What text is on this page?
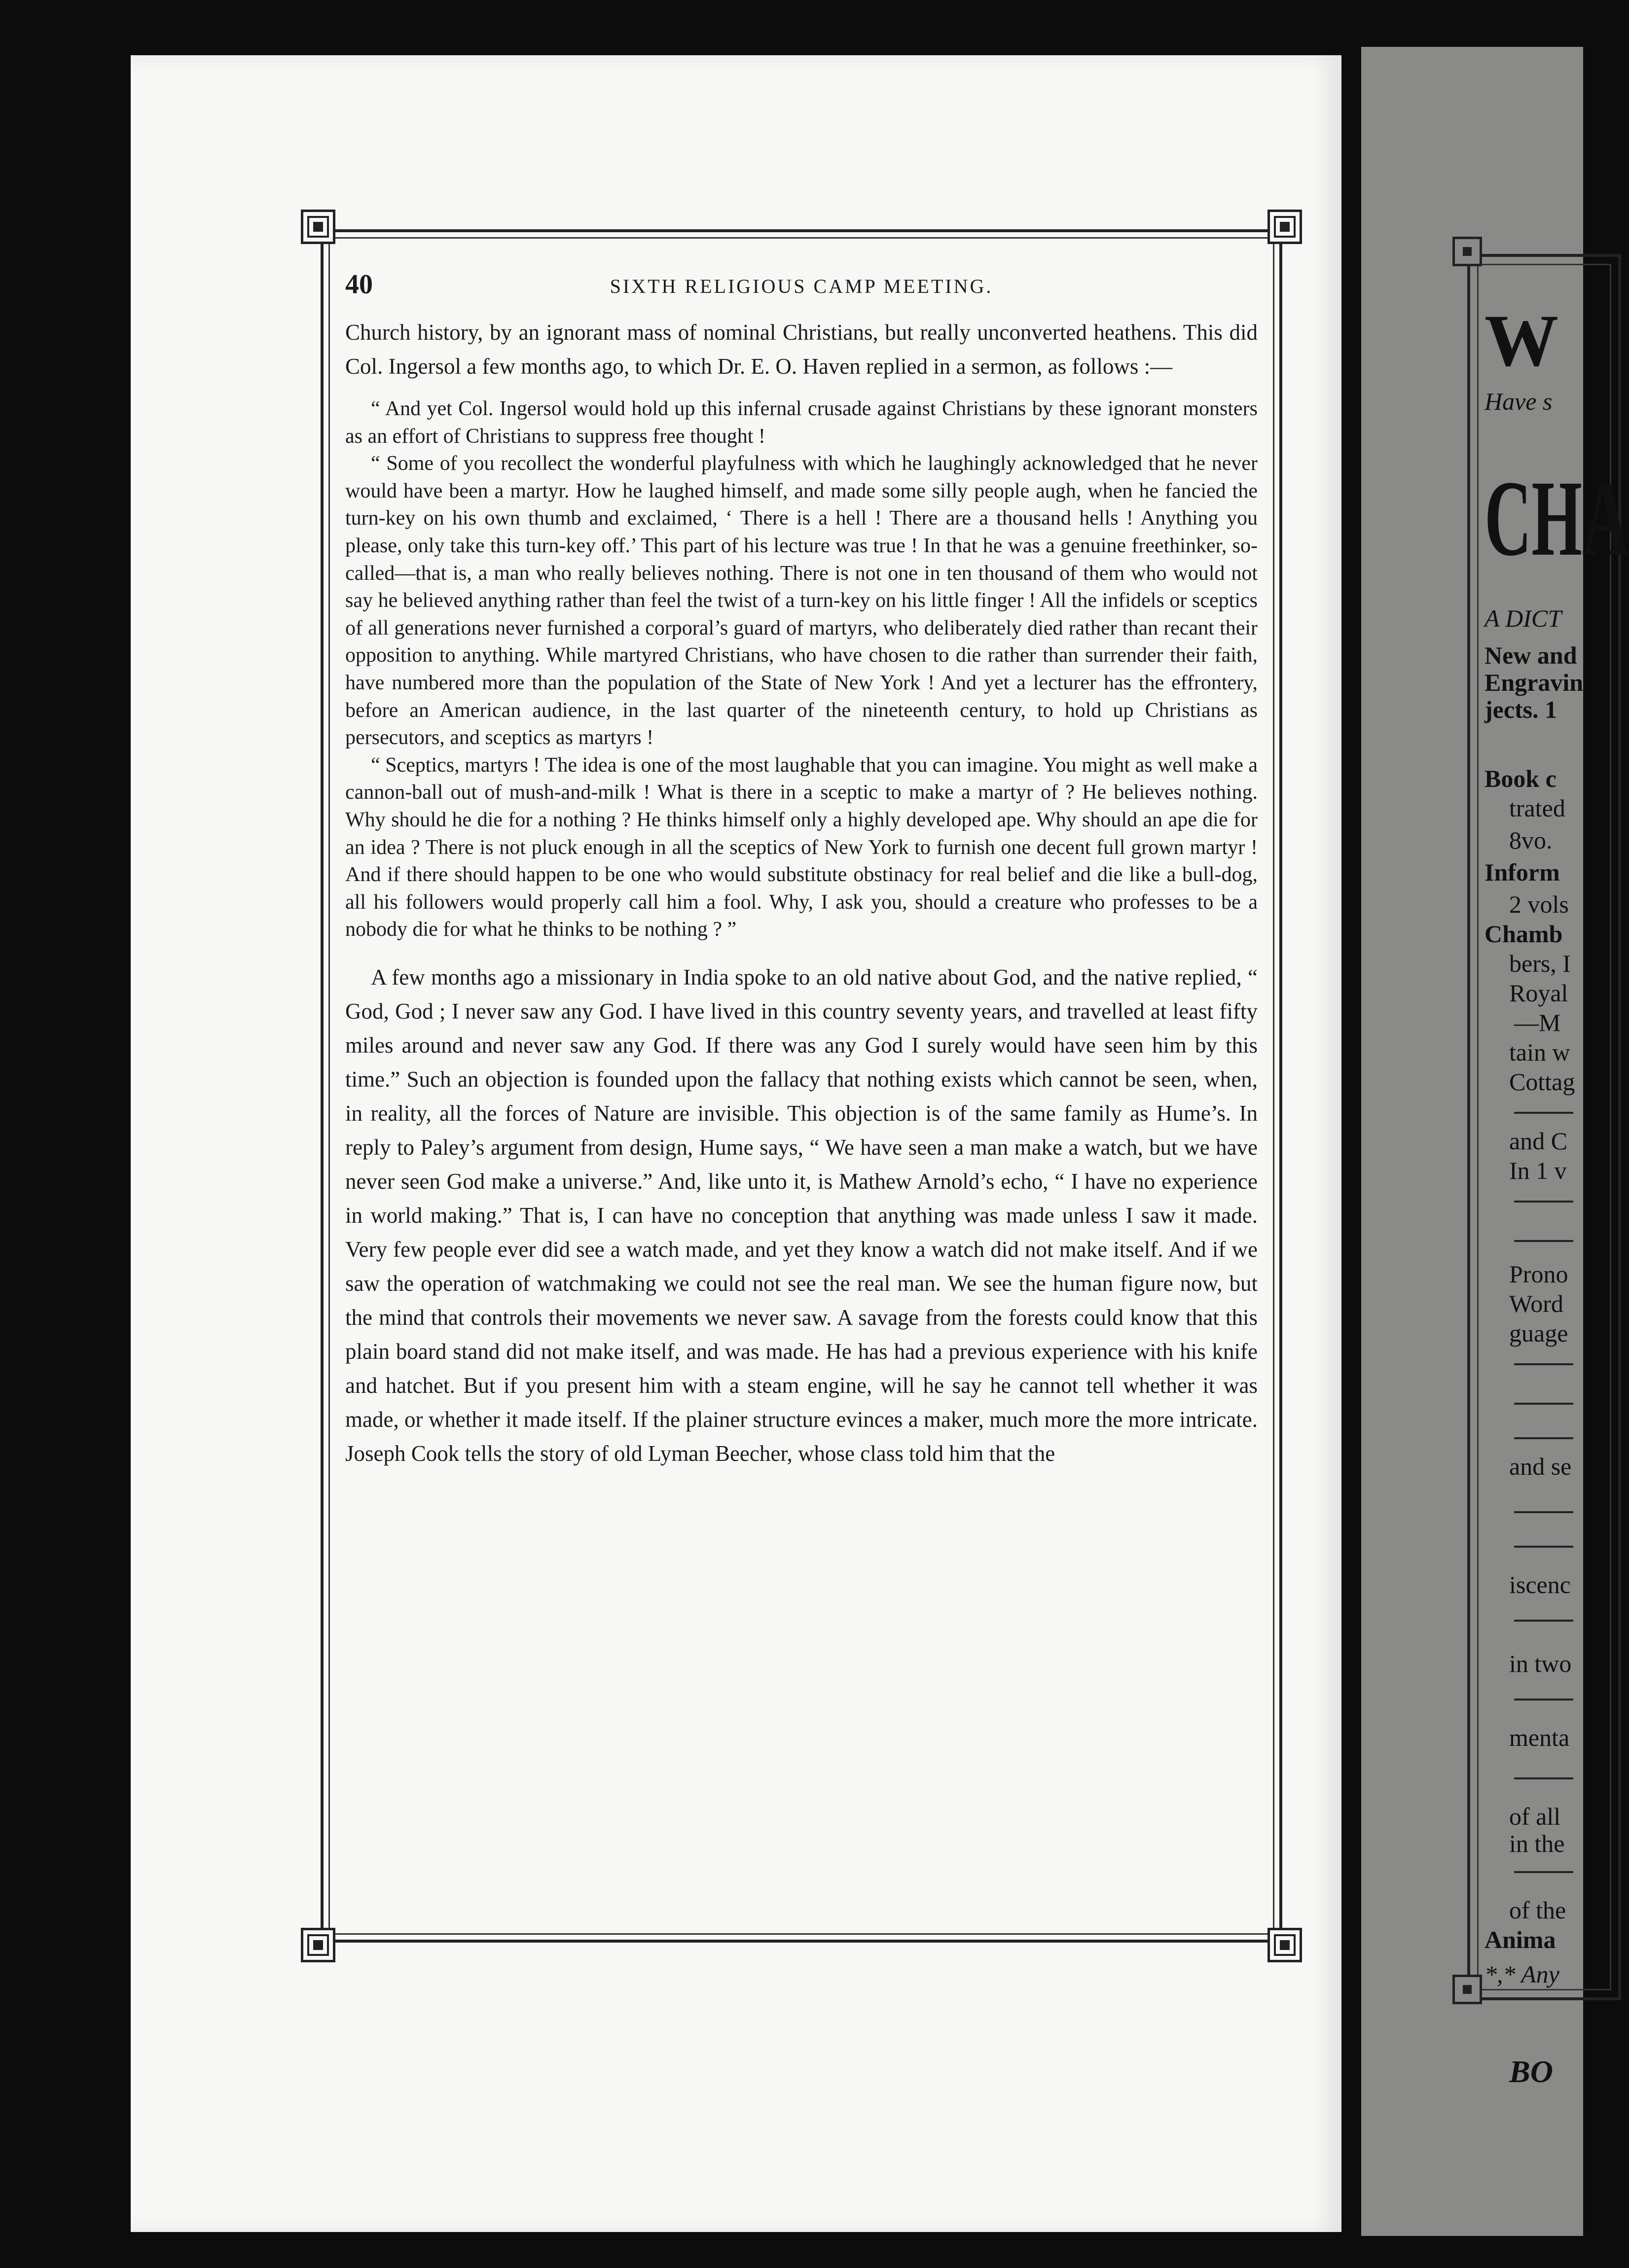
40	SIXTH RELIGIOUS CAMP MEETING.

Church history, by an ignorant mass of nominal Christians, but really unconverted heathens. This did Col. Ingersol a few months ago, to which Dr. E. O. Haven replied in a sermon, as follows :—

“ And yet Col. Ingersol would hold up this infernal crusade against Christians by these ignorant monsters as an effort of Christians to suppress free thought !

“ Some of you recollect the wonderful playfulness with which he laughingly acknowledged that he never would have been a martyr. How he laughed himself, and made some silly people augh, when he fancied the turn-key on his own thumb and exclaimed, ‘ There is a hell ! There are a thousand hells ! Anything you please, only take this turn-key off.’ This part of his lecture was true ! In that he was a genuine freethinker, so-called—that is, a man who really believes nothing. There is not one in ten thousand of them who would not say he believed anything rather than feel the twist of a turn-key on his little finger ! All the infidels or sceptics of all generations never furnished a corporal’s guard of martyrs, who deliberately died rather than recant their opposition to anything. While martyred Christians, who have chosen to die rather than surrender their faith, have numbered more than the population of the State of New York ! And yet a lecturer has the effrontery, before an American audience, in the last quarter of the nineteenth century, to hold up Christians as persecutors, and sceptics as martyrs !

“ Sceptics, martyrs ! The idea is one of the most laughable that you can imagine. You might as well make a cannon-ball out of mush-and-milk ! What is there in a sceptic to make a martyr of ? He believes nothing. Why should he die for a nothing ? He thinks himself only a highly developed ape. Why should an ape die for an idea ? There is not pluck enough in all the sceptics of New York to furnish one decent full grown martyr ! And if there should happen to be one who would substitute obstinacy for real belief and die like a bull-dog, all his followers would properly call him a fool. Why, I ask you, should a creature who professes to be a nobody die for what he thinks to be nothing ? ”

A few months ago a missionary in India spoke to an old native about God, and the native replied, “ God, God ; I never saw any God. I have lived in this country seventy years, and travelled at least fifty miles around and never saw any God. If there was any God I surely would have seen him by this time.” Such an objection is founded upon the fallacy that nothing exists which cannot be seen, when, in reality, all the forces of Nature are invisible. This objection is of the same family as Hume’s. In reply to Paley’s argument from design, Hume says, “ We have seen a man make a watch, but we have never seen God make a universe.” And, like unto it, is Mathew Arnold’s echo, “ I have no experience in world making.” That is, I can have no conception that anything was made unless I saw it made. Very few people ever did see a watch made, and yet they know a watch did not make itself. And if we saw the operation of watchmaking we could not see the real man. We see the human figure now, but the mind that controls their movements we never saw. A savage from the forests could know that this plain board stand did not make itself, and was made. He has had a previous experience with his knife and hatchet. But if you present him with a steam engine, will he say he cannot tell whether it was made, or whether it made itself. If the plainer structure evinces a maker, much more the more intricate. Joseph Cook tells the story of old Lyman Beecher, whose class told him that the

W
Have s
CHA
A DICT
New and
Engravin
jects. 1
Book c
trated
8vo.
Inform
2 vols
Chamb
bers, I
Royal
—M
tain w
Cottag
and C
In 1 v
Prono
Word
guage
and se
iscenc
in two
menta
of all
in the
of the
Anima
*,* Any
BO
